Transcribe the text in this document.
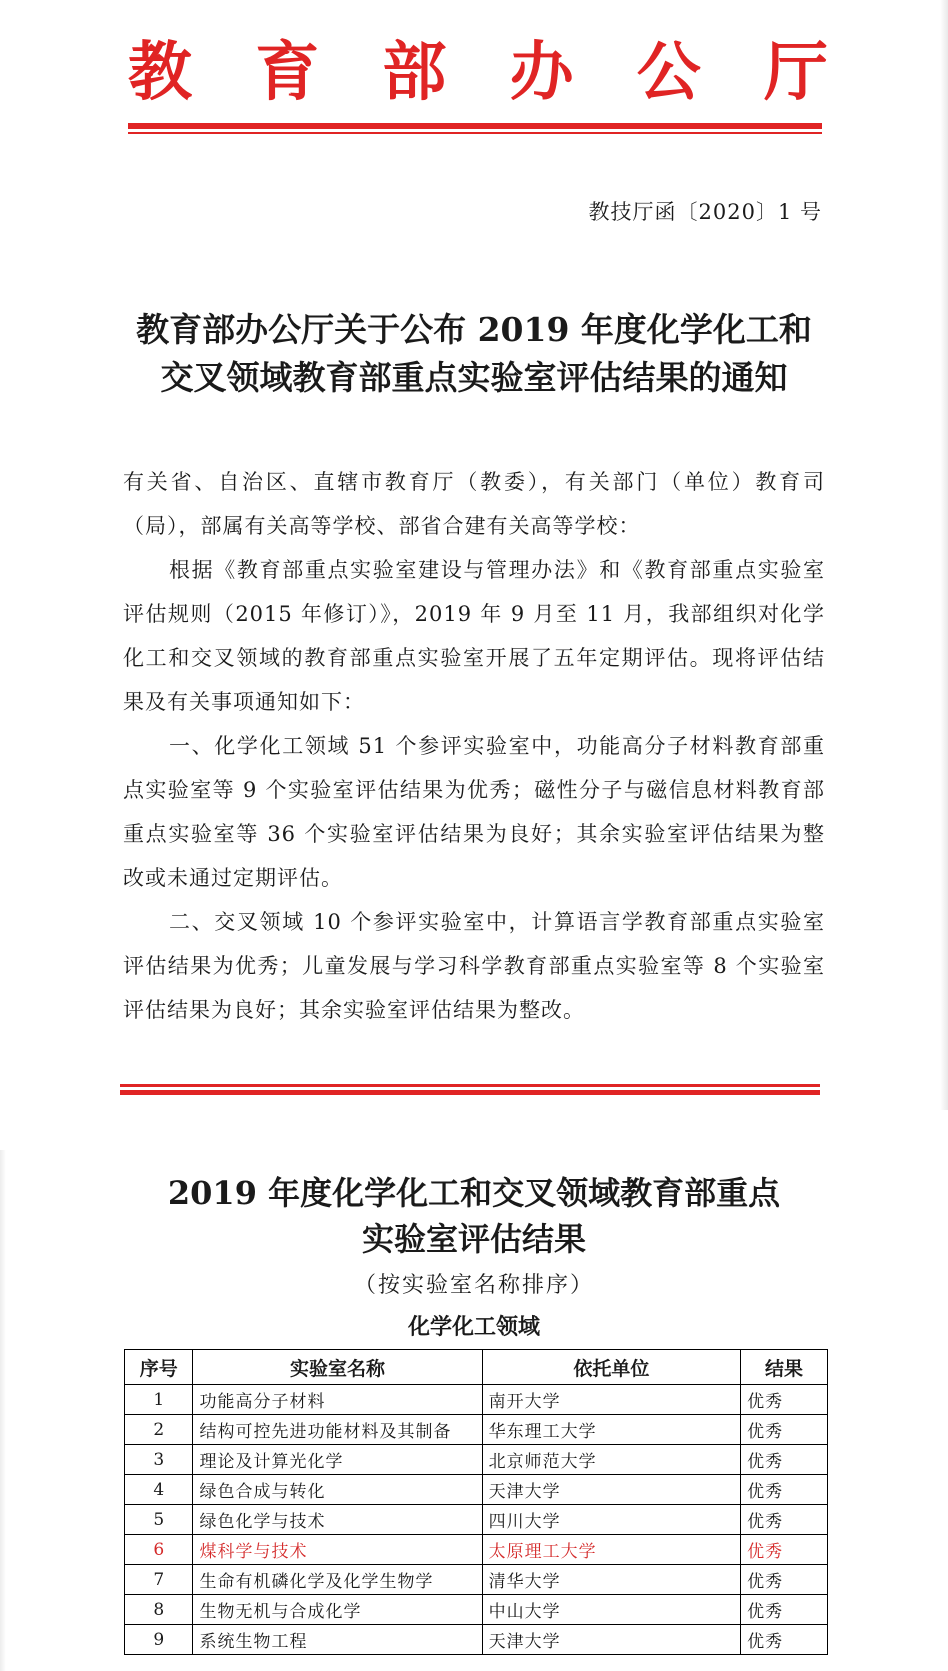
教 育 部 办 公 厅
教技厅函〔2020〕1 号
教育部办公厅关于公布 2019 年度化学化工和
交叉领域教育部重点实验室评估结果的通知

有关省、自治区、直辖市教育厅（教委），有关部门（单位）教育司（局），部属有关高等学校、部省合建有关高等学校：

根据《教育部重点实验室建设与管理办法》和《教育部重点实验室评估规则（2015 年修订）》，2019 年 9 月至 11 月，我部组织对化学化工和交叉领域的教育部重点实验室开展了五年定期评估。现将评估结果及有关事项通知如下：

一、化学化工领域 51 个参评实验室中，功能高分子材料教育部重点实验室等 9 个实验室评估结果为优秀；磁性分子与磁信息材料教育部重点实验室等 36 个实验室评估结果为良好；其余实验室评估结果为整改或未通过定期评估。

二、交叉领域 10 个参评实验室中，计算语言学教育部重点实验室评估结果为优秀；儿童发展与学习科学教育部重点实验室等 8 个实验室评估结果为良好；其余实验室评估结果为整改。

2019 年度化学化工和交叉领域教育部重点
实验室评估结果
（按实验室名称排序）
化学化工领域
序号	实验室名称	依托单位	结果
1	功能高分子材料	南开大学	优秀
2	结构可控先进功能材料及其制备	华东理工大学	优秀
3	理论及计算光化学	北京师范大学	优秀
4	绿色合成与转化	天津大学	优秀
5	绿色化学与技术	四川大学	优秀
6	煤科学与技术	太原理工大学	优秀
7	生命有机磷化学及化学生物学	清华大学	优秀
8	生物无机与合成化学	中山大学	优秀
9	系统生物工程	天津大学	优秀
